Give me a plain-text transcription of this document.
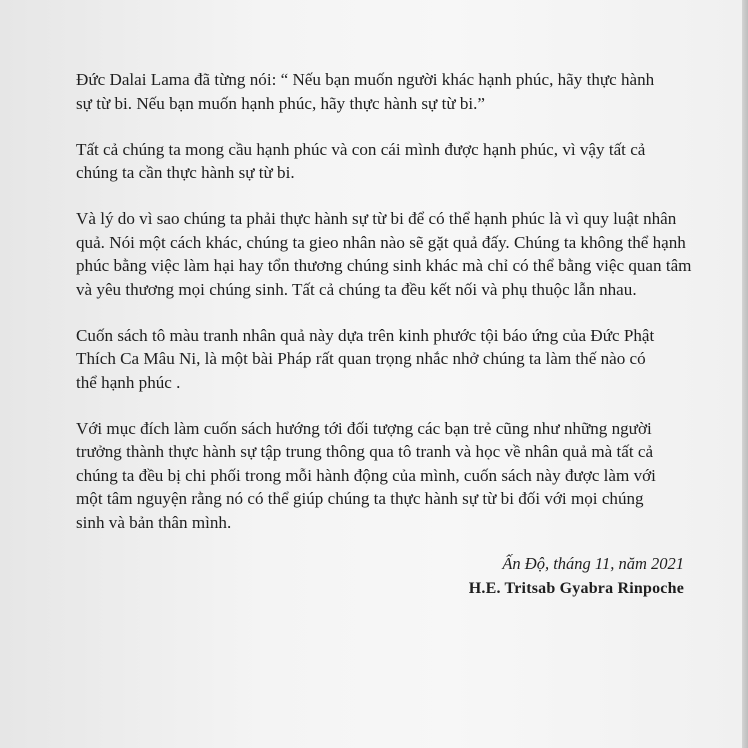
Đức Dalai Lama đã từng nói: “ Nếu bạn muốn người khác hạnh phúc, hãy thực hành
sự từ bi. Nếu bạn muốn hạnh phúc, hãy thực hành sự từ bi.”

Tất cả chúng ta mong cầu hạnh phúc và con cái mình được hạnh phúc, vì vậy tất cả
chúng ta cần thực hành sự từ bi.

Và lý do vì sao chúng ta phải thực hành sự từ bi để có thể hạnh phúc là vì quy luật nhân
quả. Nói một cách khác, chúng ta gieo nhân nào sẽ gặt quả đấy. Chúng ta không thể hạnh
phúc bằng việc làm hại hay tổn thương chúng sinh khác mà chỉ có thể bằng việc quan tâm
và yêu thương mọi chúng sinh. Tất cả chúng ta đều kết nối và phụ thuộc lẫn nhau.

Cuốn sách tô màu tranh nhân quả này dựa trên kinh phước tội báo ứng của Đức Phật
Thích Ca Mâu Ni, là một bài Pháp rất quan trọng nhắc nhở chúng ta làm thế nào có
thể hạnh phúc .

Với mục đích làm cuốn sách hướng tới đối tượng các bạn trẻ cũng như những người
trưởng thành thực hành sự tập trung thông qua tô tranh và học về nhân quả mà tất cả
chúng ta đều bị chi phối trong mỗi hành động của mình, cuốn sách này được làm với
một tâm nguyện rằng nó có thể giúp chúng ta thực hành sự từ bi đối với mọi chúng
sinh và bản thân mình.

Ấn Độ, tháng 11, năm 2021
H.E. Tritsab Gyabra Rinpoche
